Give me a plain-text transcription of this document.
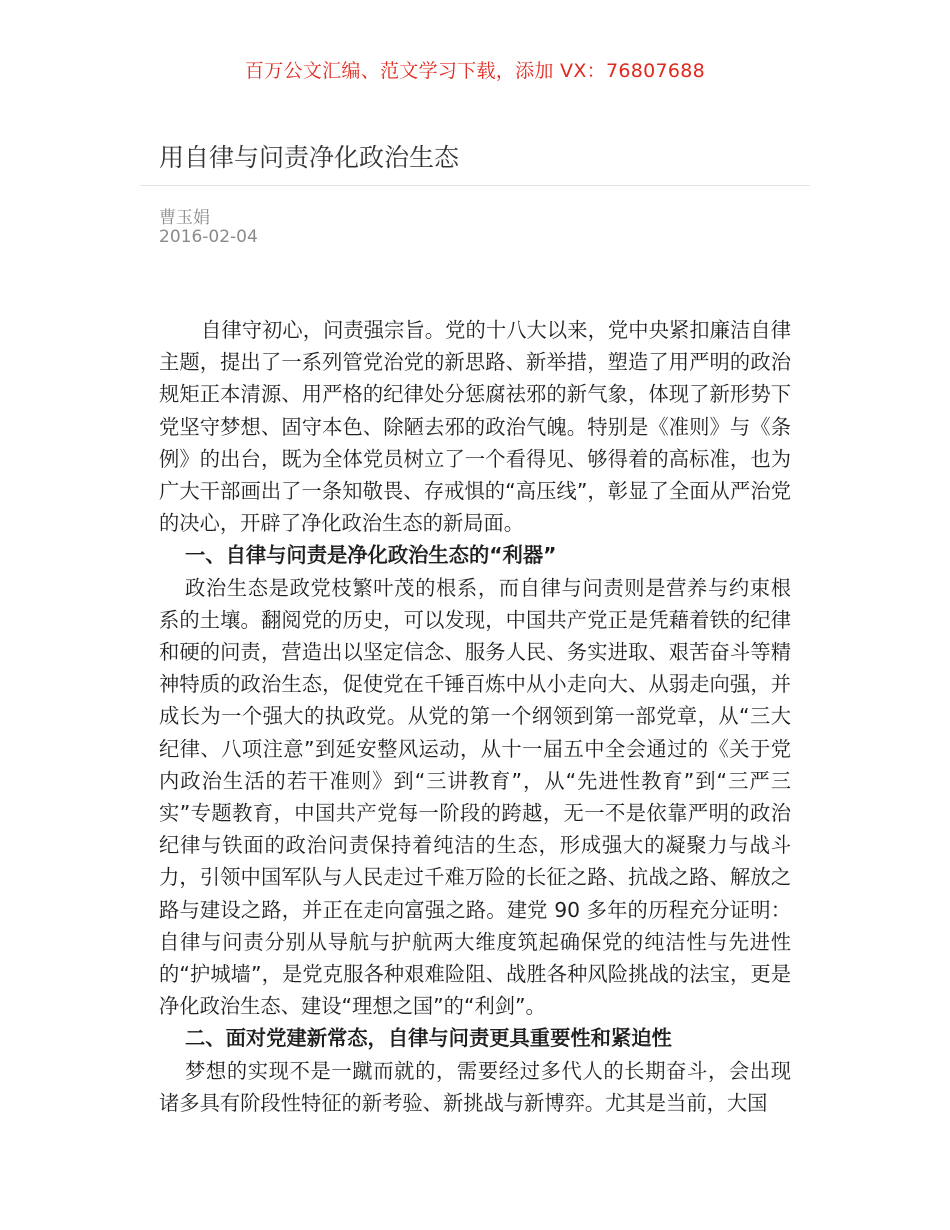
百万公文汇编、范文学习下载，添加 VX：76807688
用自律与问责净化政治生态
曹玉娟
2016-02-04

自律守初心，问责强宗旨。党的十八大以来，党中央紧扣廉洁自律主题，提出了一系列管党治党的新思路、新举措，塑造了用严明的政治规矩正本清源、用严格的纪律处分惩腐祛邪的新气象，体现了新形势下党坚守梦想、固守本色、除陋去邪的政治气魄。特别是《准则》与《条例》的出台，既为全体党员树立了一个看得见、够得着的高标准，也为广大干部画出了一条知敬畏、存戒惧的“高压线”，彰显了全面从严治党的决心，开辟了净化政治生态的新局面。

一、自律与问责是净化政治生态的“利器”

政治生态是政党枝繁叶茂的根系，而自律与问责则是营养与约束根系的土壤。翻阅党的历史，可以发现，中国共产党正是凭藉着铁的纪律和硬的问责，营造出以坚定信念、服务人民、务实进取、艰苦奋斗等精神特质的政治生态，促使党在千锤百炼中从小走向大、从弱走向强，并成长为一个强大的执政党。从党的第一个纲领到第一部党章，从“三大纪律、八项注意”到延安整风运动，从十一届五中全会通过的《关于党内政治生活的若干准则》到“三讲教育”，从“先进性教育”到“三严三实”专题教育，中国共产党每一阶段的跨越，无一不是依靠严明的政治纪律与铁面的政治问责保持着纯洁的生态，形成强大的凝聚力与战斗力，引领中国军队与人民走过千难万险的长征之路、抗战之路、解放之路与建设之路，并正在走向富强之路。建党 90 多年的历程充分证明：自律与问责分别从导航与护航两大维度筑起确保党的纯洁性与先进性的“护城墙”，是党克服各种艰难险阻、战胜各种风险挑战的法宝，更是净化政治生态、建设“理想之国”的“利剑”。

二、面对党建新常态，自律与问责更具重要性和紧迫性

梦想的实现不是一蹴而就的，需要经过多代人的长期奋斗，会出现诸多具有阶段性特征的新考验、新挑战与新博弈。尤其是当前，大国
